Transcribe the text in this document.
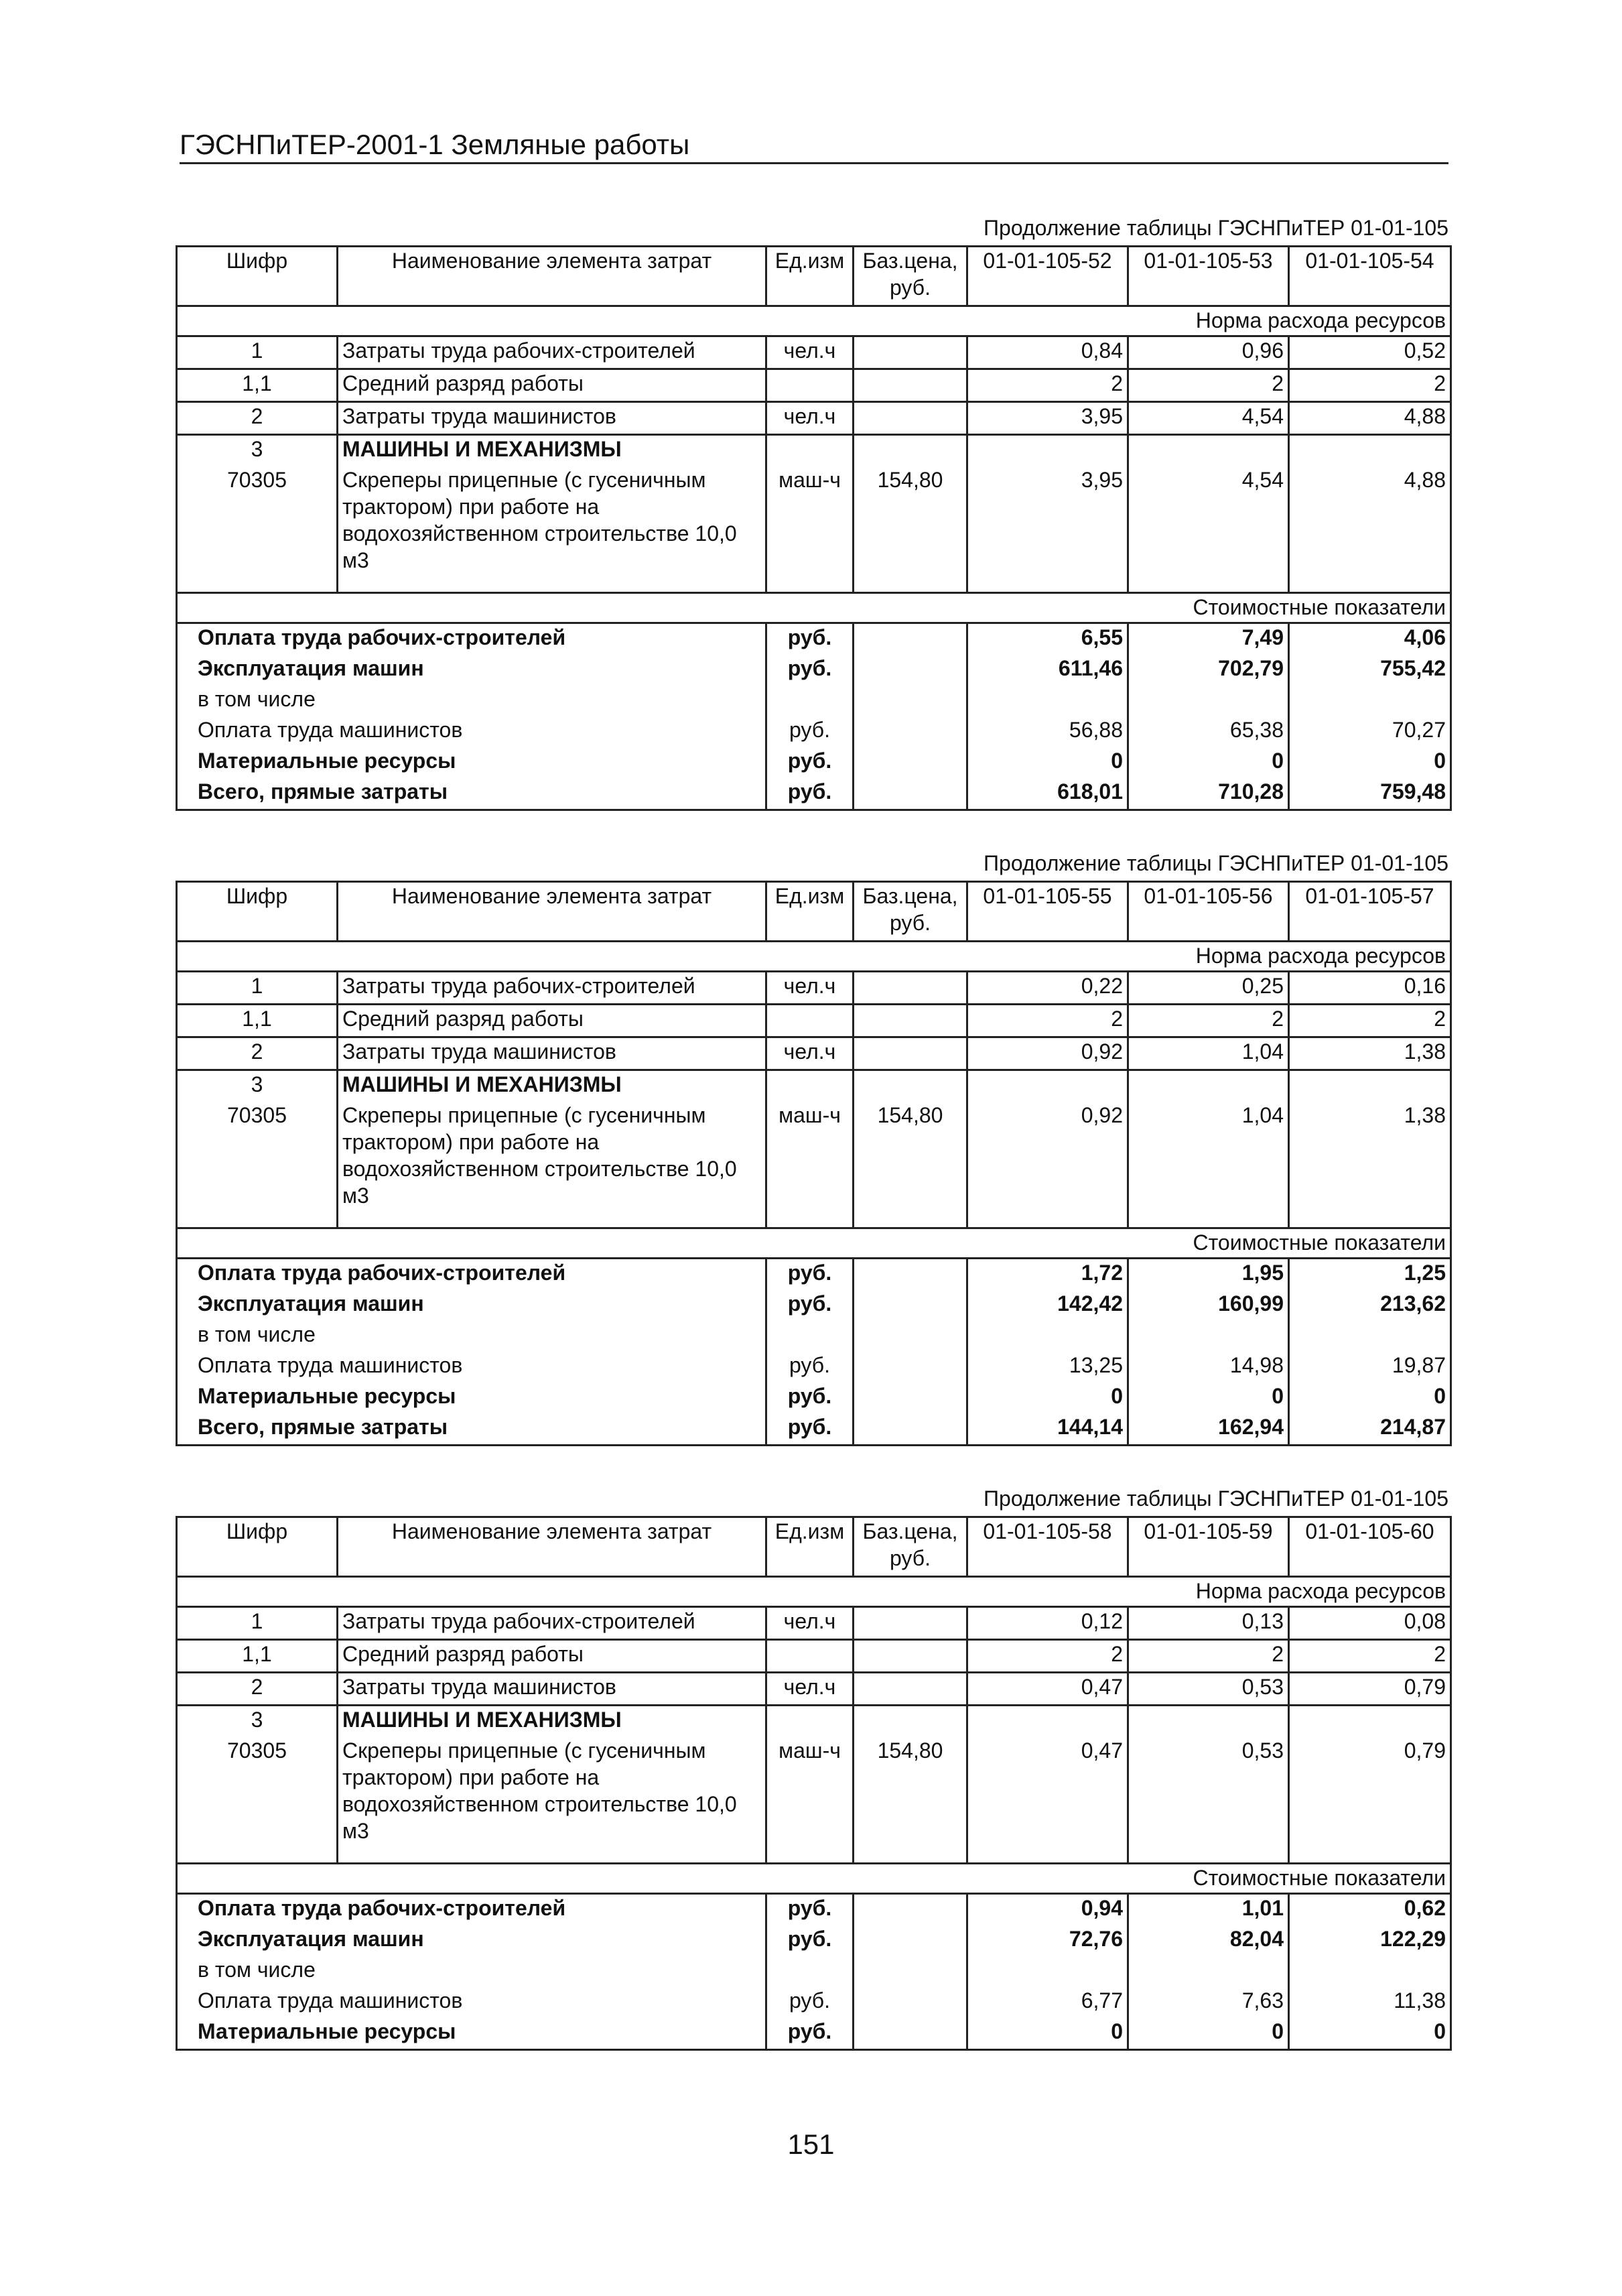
ГЭСНПиТЕР-2001-1 Земляные работы
Продолжение таблицы ГЭСНПиТЕР 01-01-105
Шифр	Наименование элемента затрат	Ед.изм	Баз.цена, руб.	01-01-105-52	01-01-105-53	01-01-105-54
Норма расхода ресурсов						
1	Затраты труда рабочих-строителей	чел.ч		0,84	0,96	0,52
1,1	Средний разряд работы			2	2	2
2	Затраты труда машинистов	чел.ч		3,95	4,54	4,88
3	МАШИНЫ И МЕХАНИЗМЫ					
70305	Скреперы прицепные (с гусеничным трактором) при работе на водохозяйственном строительстве 10,0 м3	маш-ч	154,80	3,95	4,54	4,88
Стоимостные показатели						
Оплата труда рабочих-строителей		руб.		6,55	7,49	4,06
Эксплуатация машин		руб.		611,46	702,79	755,42
в том числе						
Оплата труда машинистов		руб.		56,88	65,38	70,27
Материальные ресурсы		руб.		0	0	0
Всего, прямые затраты		руб.		618,01	710,28	759,48
Продолжение таблицы ГЭСНПиТЕР 01-01-105
Шифр	Наименование элемента затрат	Ед.изм	Баз.цена, руб.	01-01-105-55	01-01-105-56	01-01-105-57
Норма расхода ресурсов						
1	Затраты труда рабочих-строителей	чел.ч		0,22	0,25	0,16
1,1	Средний разряд работы			2	2	2
2	Затраты труда машинистов	чел.ч		0,92	1,04	1,38
3	МАШИНЫ И МЕХАНИЗМЫ					
70305	Скреперы прицепные (с гусеничным трактором) при работе на водохозяйственном строительстве 10,0 м3	маш-ч	154,80	0,92	1,04	1,38
Стоимостные показатели						
Оплата труда рабочих-строителей		руб.		1,72	1,95	1,25
Эксплуатация машин		руб.		142,42	160,99	213,62
в том числе						
Оплата труда машинистов		руб.		13,25	14,98	19,87
Материальные ресурсы		руб.		0	0	0
Всего, прямые затраты		руб.		144,14	162,94	214,87
Продолжение таблицы ГЭСНПиТЕР 01-01-105
Шифр	Наименование элемента затрат	Ед.изм	Баз.цена, руб.	01-01-105-58	01-01-105-59	01-01-105-60
Норма расхода ресурсов						
1	Затраты труда рабочих-строителей	чел.ч		0,12	0,13	0,08
1,1	Средний разряд работы			2	2	2
2	Затраты труда машинистов	чел.ч		0,47	0,53	0,79
3	МАШИНЫ И МЕХАНИЗМЫ					
70305	Скреперы прицепные (с гусеничным трактором) при работе на водохозяйственном строительстве 10,0 м3	маш-ч	154,80	0,47	0,53	0,79
Стоимостные показатели						
Оплата труда рабочих-строителей		руб.		0,94	1,01	0,62
Эксплуатация машин		руб.		72,76	82,04	122,29
в том числе						
Оплата труда машинистов		руб.		6,77	7,63	11,38
Материальные ресурсы		руб.		0	0	0
151
